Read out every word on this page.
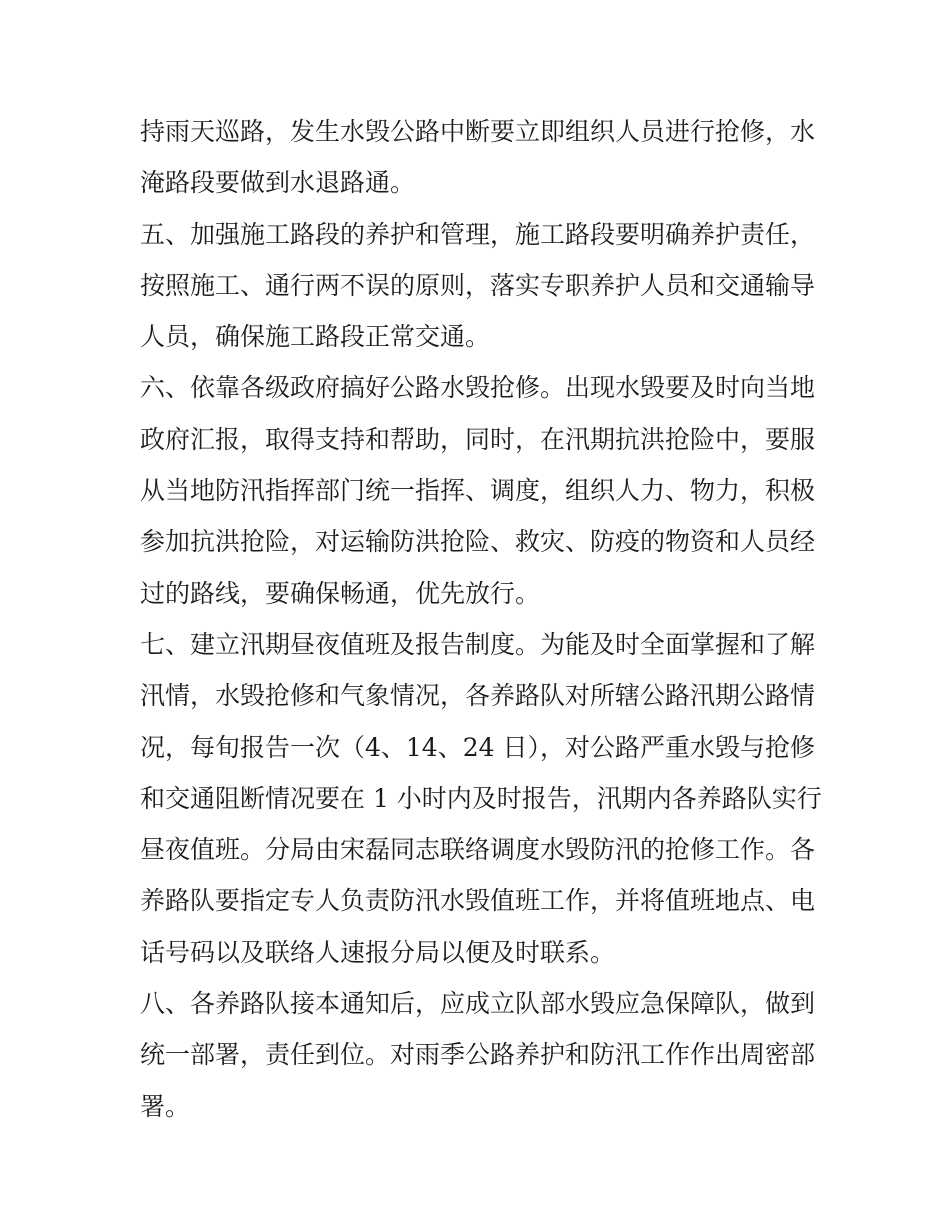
持雨天巡路，发生水毁公路中断要立即组织人员进行抢修，水
淹路段要做到水退路通。
五、加强施工路段的养护和管理，施工路段要明确养护责任，
按照施工、通行两不误的原则，落实专职养护人员和交通输导
人员，确保施工路段正常交通。
六、依靠各级政府搞好公路水毁抢修。出现水毁要及时向当地
政府汇报，取得支持和帮助，同时，在汛期抗洪抢险中，要服
从当地防汛指挥部门统一指挥、调度，组织人力、物力，积极
参加抗洪抢险，对运输防洪抢险、救灾、防疫的物资和人员经
过的路线，要确保畅通，优先放行。
七、建立汛期昼夜值班及报告制度。为能及时全面掌握和了解
汛情，水毁抢修和气象情况，各养路队对所辖公路汛期公路情
况，每旬报告一次（4、14、24 日），对公路严重水毁与抢修
和交通阻断情况要在 1 小时内及时报告，汛期内各养路队实行
昼夜值班。分局由宋磊同志联络调度水毁防汛的抢修工作。各
养路队要指定专人负责防汛水毁值班工作，并将值班地点、电
话号码以及联络人速报分局以便及时联系。
八、各养路队接本通知后，应成立队部水毁应急保障队，做到
统一部署，责任到位。对雨季公路养护和防汛工作作出周密部
署。
